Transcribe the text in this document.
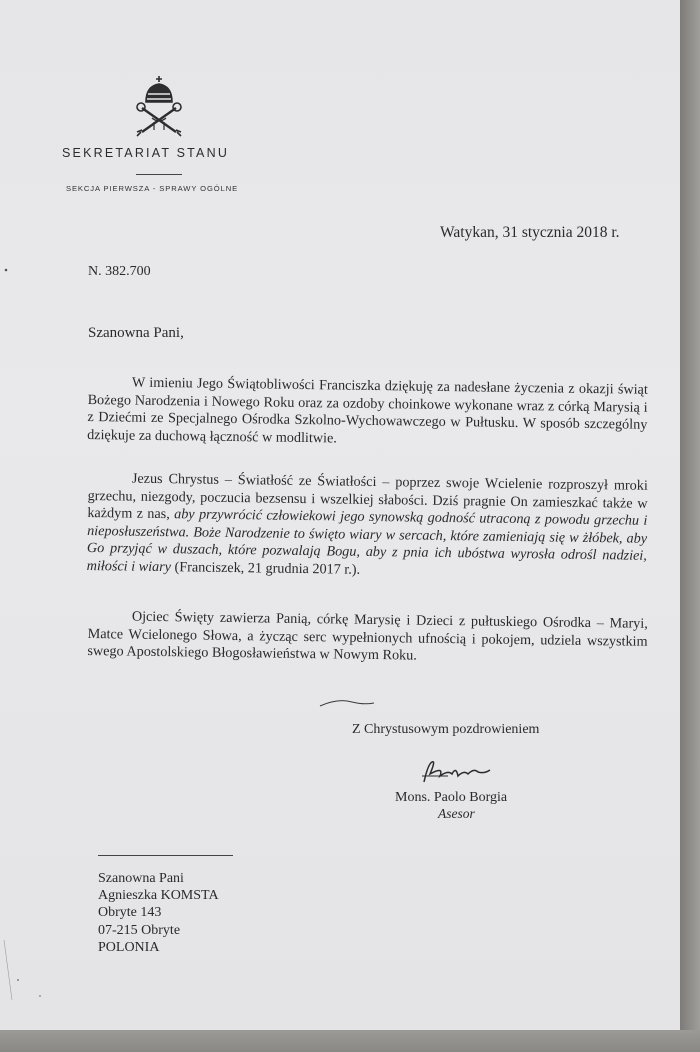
SEKRETARIAT STANU
SEKCJA PIERWSZA - SPRAWY OGÓLNE
Watykan, 31 stycznia 2018 r.
N. 382.700
Szanowna Pani,
W imieniu Jego Świątobliwości Franciszka dziękuję za nadesłane życzenia z okazji świąt Bożego Narodzenia i Nowego Roku oraz za ozdoby choinkowe wykonane wraz z córką Marysią i z Dziećmi ze Specjalnego Ośrodka Szkolno-Wychowawczego w Pułtusku. W sposób szczególny dziękuje za duchową łączność w modlitwie.
Jezus Chrystus – Światłość ze Światłości – poprzez swoje Wcielenie rozproszył mroki grzechu, niezgody, poczucia bezsensu i wszelkiej słabości. Dziś pragnie On zamieszkać także w każdym z nas, aby przywrócić człowiekowi jego synowską godność utraconą z powodu grzechu i nieposłuszeństwa. Boże Narodzenie to święto wiary w sercach, które zamieniają się w żłóbek, aby Go przyjąć w duszach, które pozwalają Bogu, aby z pnia ich ubóstwa wyrosła odrośl nadziei, miłości i wiary (Franciszek, 21 grudnia 2017 r.).
Ojciec Święty zawierza Panią, córkę Marysię i Dzieci z pułtuskiego Ośrodka – Maryi, Matce Wcielonego Słowa, a życząc serc wypełnionych ufnością i pokojem, udziela wszystkim swego Apostolskiego Błogosławieństwa w Nowym Roku.
Z Chrystusowym pozdrowieniem
Mons. Paolo Borgia
Asesor
Szanowna Pani
Agnieszka KOMSTA
Obryte 143
07-215 Obryte
POLONIA
